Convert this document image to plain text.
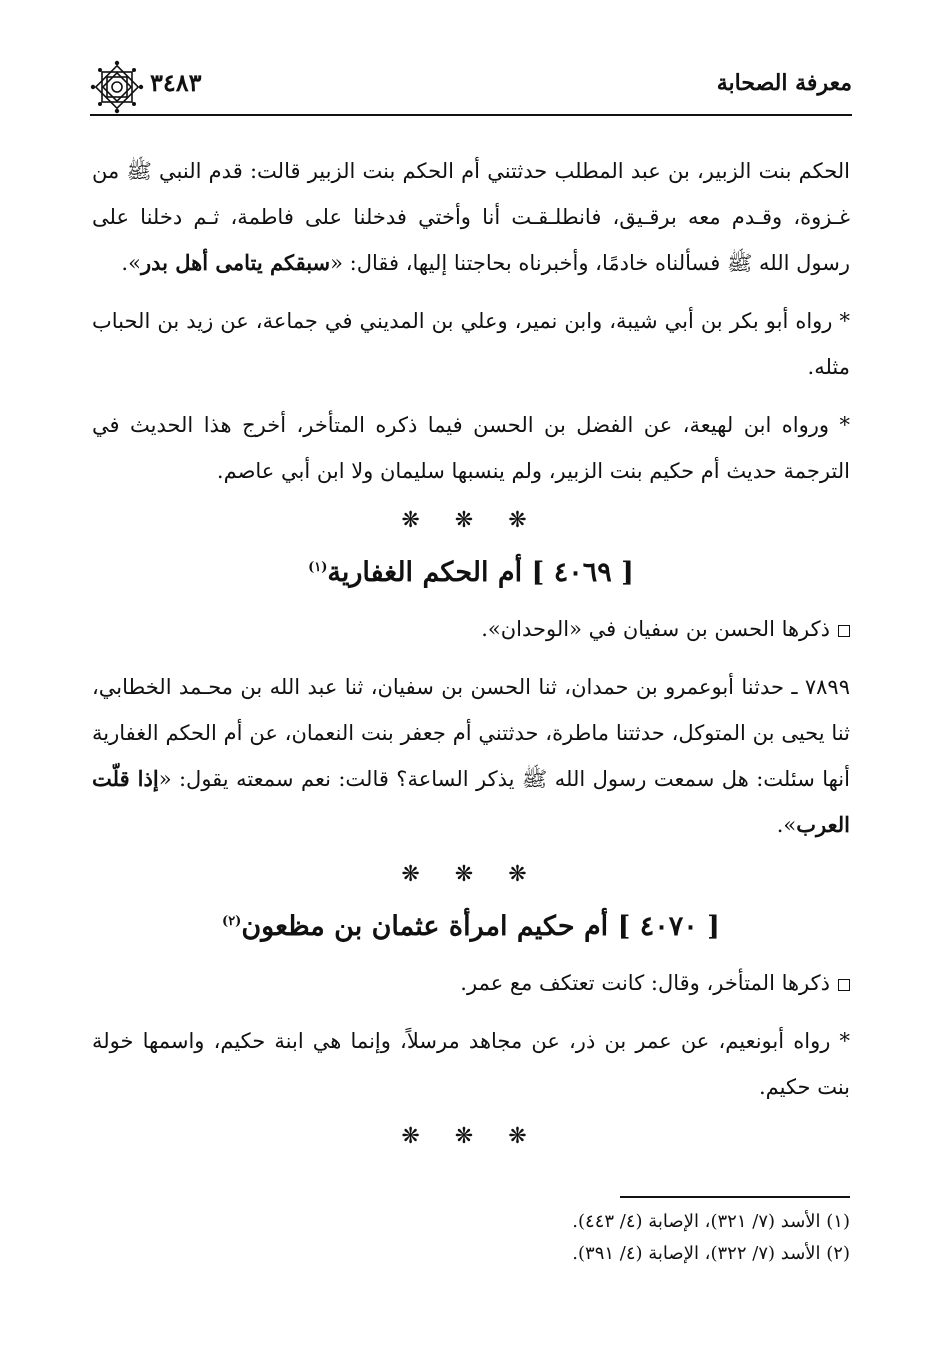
معرفة الصحابة
٣٤٨٣

الحكم بنت الزبير، بن عبد المطلب حدثتني أم الحكم بنت الزبير قالت: قدم النبي ﷺ من غـزوة، وقـدم معه برقـيق، فانطلـقـت أنا وأختي فدخلنا على فاطمة، ثـم دخلنا على رسول الله ﷺ فسألناه خادمًا، وأخبرناه بحاجتنا إليها، فقال: «سبقكم يتامى أهل بدر».

* رواه أبو بكر بن أبي شيبة، وابن نمير، وعلي بن المديني في جماعة، عن زيد بن الحباب مثله.

* ورواه ابن لهيعة، عن الفضل بن الحسن فيما ذكره المتأخر، أخرج هذا الحديث في الترجمة حديث أم حكيم بنت الزبير، ولم ينسبها سليمان ولا ابن أبي عاصم.

❋ ❋ ❋
[ ٤٠٦٩ ] أم الحكم الغفارية$^{(١)}$

ذكرها الحسن بن سفيان في «الوحدان».

٧٨٩٩ ـ حدثنا أبوعمرو بن حمدان، ثنا الحسن بن سفيان، ثنا عبد الله بن محـمد الخطابي، ثنا يحيى بن المتوكل، حدثتنا ماطرة، حدثتني أم جعفر بنت النعمان، عن أم الحكم الغفارية أنها سئلت: هل سمعت رسول الله ﷺ يذكر الساعة؟ قالت: نعم سمعته يقول: «إذا قلّت العرب».

❋ ❋ ❋
[ ٤٠٧٠ ] أم حكيم امرأة عثمان بن مظعون$^{(٢)}$

ذكرها المتأخر، وقال: كانت تعتكف مع عمر.

* رواه أبونعيم، عن عمر بن ذر، عن مجاهد مرسلاً، وإنما هي ابنة حكيم، واسمها خولة بنت حكيم.

❋ ❋ ❋
(١) الأسد (٧/ ٣٢١)، الإصابة (٤/ ٤٤٣).
(٢) الأسد (٧/ ٣٢٢)، الإصابة (٤/ ٣٩١).
